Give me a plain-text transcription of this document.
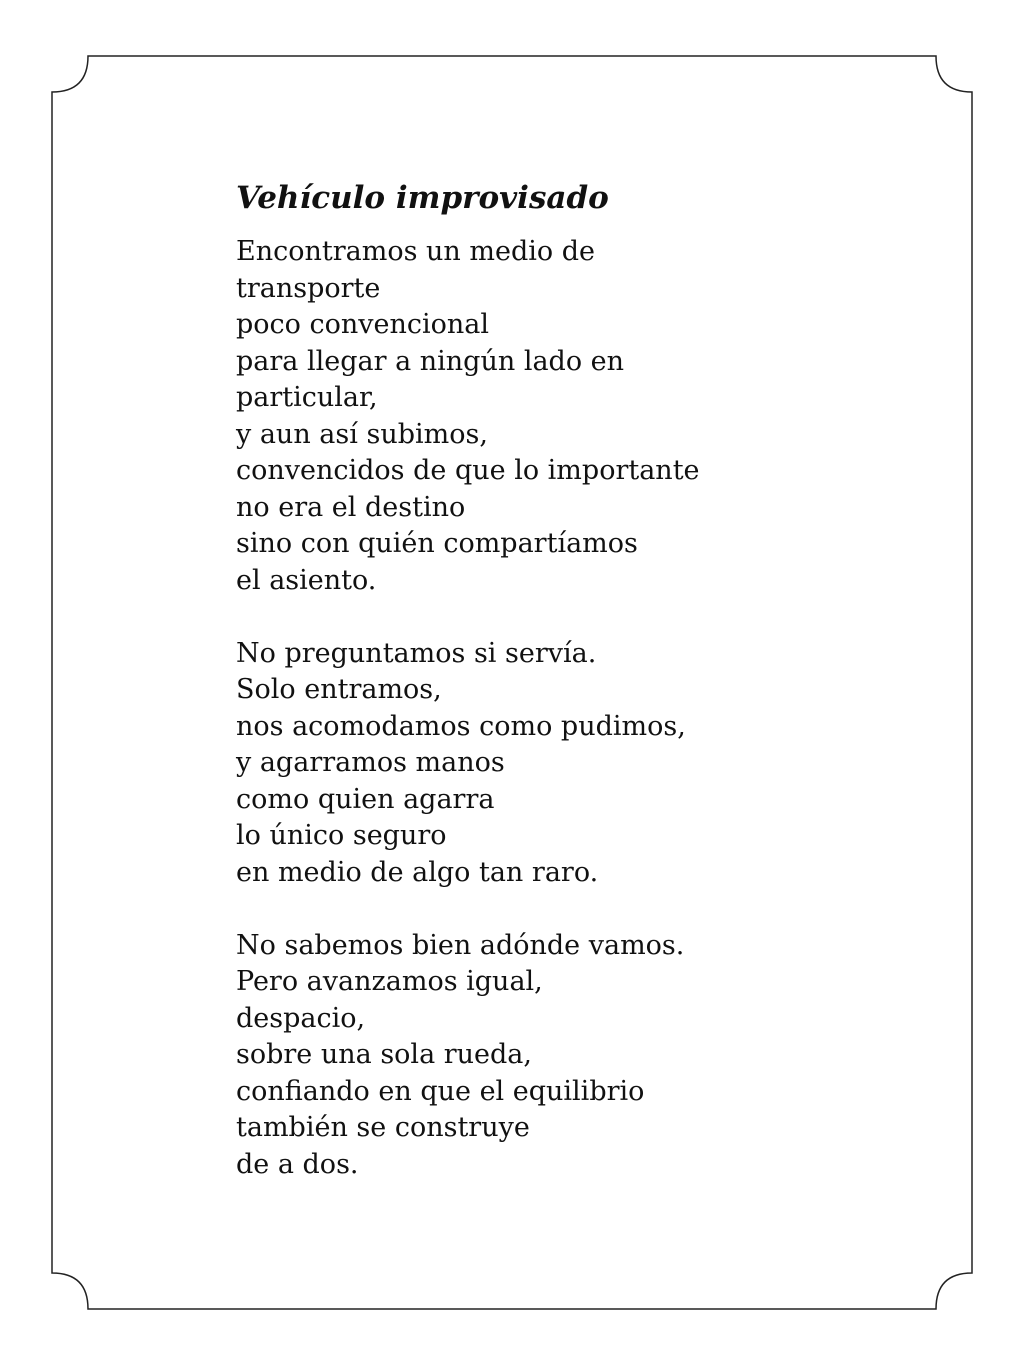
Vehículo improvisado

Encontramos un medio de
transporte
poco convencional
para llegar a ningún lado en
particular,
y aun así subimos,
convencidos de que lo importante
no era el destino
sino con quién compartíamos
el asiento.

No preguntamos si servía.
Solo entramos,
nos acomodamos como pudimos,
y agarramos manos
como quien agarra
lo único seguro
en medio de algo tan raro.

No sabemos bien adónde vamos.
Pero avanzamos igual,
despacio,
sobre una sola rueda,
confiando en que el equilibrio
también se construye
de a dos.
